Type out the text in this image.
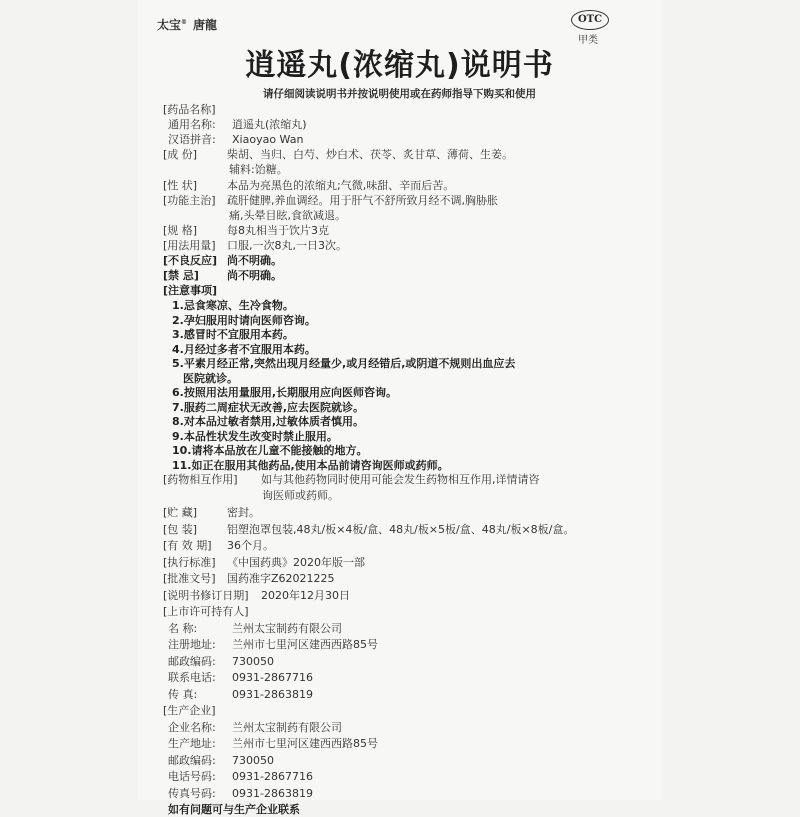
太宝® 唐龍	OTC
甲类
逍遥丸(浓缩丸)说明书
请仔细阅读说明书并按说明使用或在药师指导下购买和使用
[药品名称]
通用名称: 逍遥丸(浓缩丸)
汉语拼音: Xiaoyao Wan
[成 份]	柴胡、当归、白芍、炒白术、茯苓、炙甘草、薄荷、生姜。
辅料:饴糖。
[性 状]	本品为亮黑色的浓缩丸;气微,味甜、辛而后苦。
[功能主治] 疏肝健脾,养血调经。用于肝气不舒所致月经不调,胸胁胀
痛,头晕目眩,食欲减退。
[规 格]	每8丸相当于饮片3克
[用法用量] 口服,一次8丸,一日3次。
[不良反应] 尚不明确。
[禁 忌]	尚不明确。
[注意事项]
1.忌食寒凉、生冷食物。
2.孕妇服用时请向医师咨询。
3.感冒时不宜服用本药。
4.月经过多者不宜服用本药。
5.平素月经正常,突然出现月经量少,或月经错后,或阴道不规则出血应去
医院就诊。
6.按照用法用量服用,长期服用应向医师咨询。
7.服药二周症状无改善,应去医院就诊。
8.对本品过敏者禁用,过敏体质者慎用。
9.本品性状发生改变时禁止服用。
10.请将本品放在儿童不能接触的地方。
11.如正在服用其他药品,使用本品前请咨询医师或药师。
[药物相互作用] 如与其他药物同时使用可能会发生药物相互作用,详情请咨
询医师或药师。
[贮 藏]	密封。
[包 装]	铝塑泡罩包装,48丸/板×4板/盒、48丸/板×5板/盒、48丸/板×8板/盒。
[有 效 期] 36个月。
[执行标准] 《中国药典》2020年版一部
[批准文号] 国药准字Z62021225
[说明书修订日期] 2020年12月30日
[上市许可持有人]
名 称:	兰州太宝制药有限公司
注册地址: 兰州市七里河区建西西路85号
邮政编码: 730050
联系电话: 0931-2867716
传 真:	0931-2863819
[生产企业]
企业名称: 兰州太宝制药有限公司
生产地址: 兰州市七里河区建西西路85号
邮政编码: 730050
电话号码: 0931-2867716
传真号码: 0931-2863819
如有问题可与生产企业联系
